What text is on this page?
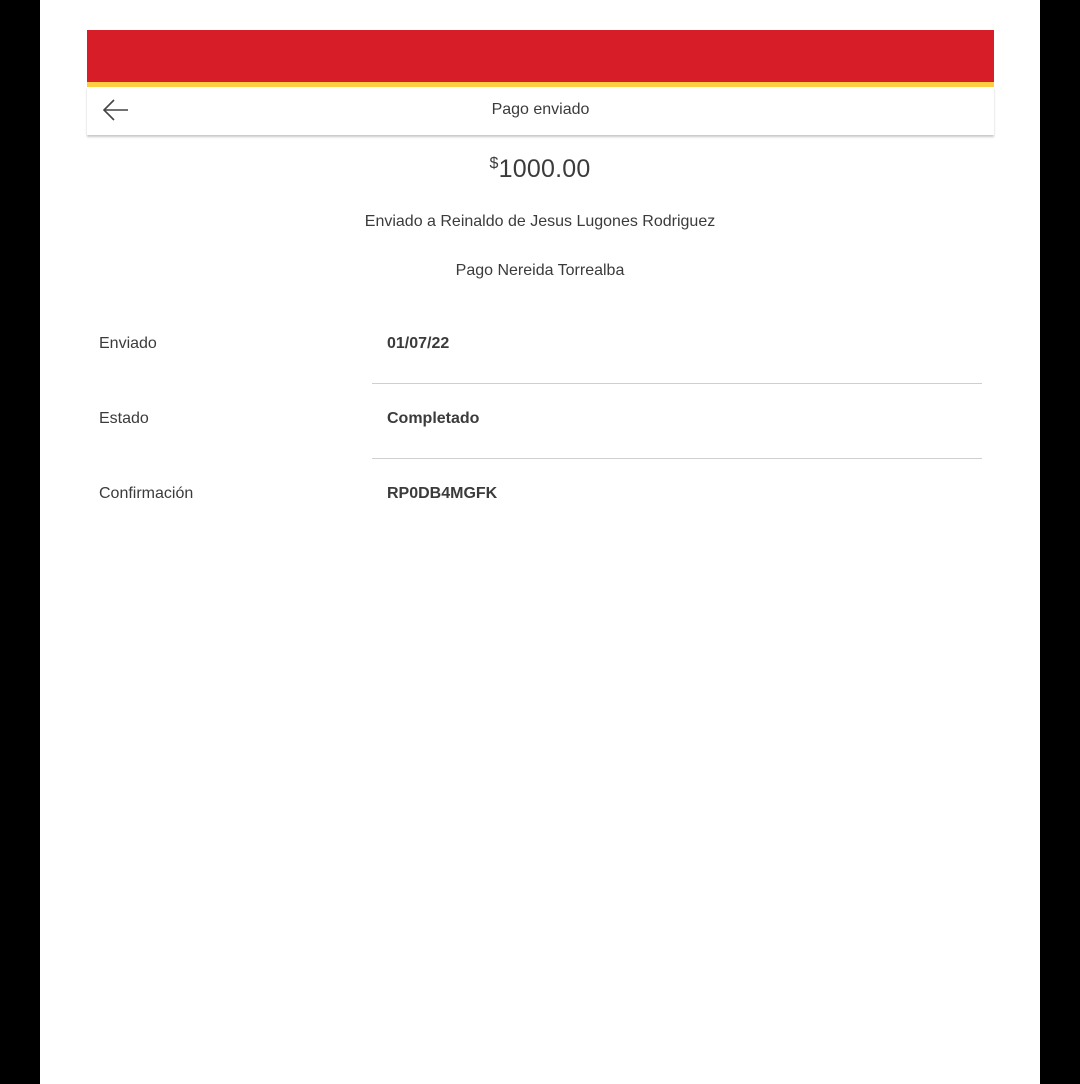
Pago enviado
$1000.00
Enviado a Reinaldo de Jesus Lugones Rodriguez
Pago Nereida Torrealba
Enviado	01/07/22
Estado	Completado
Confirmación	RP0DB4MGFK
